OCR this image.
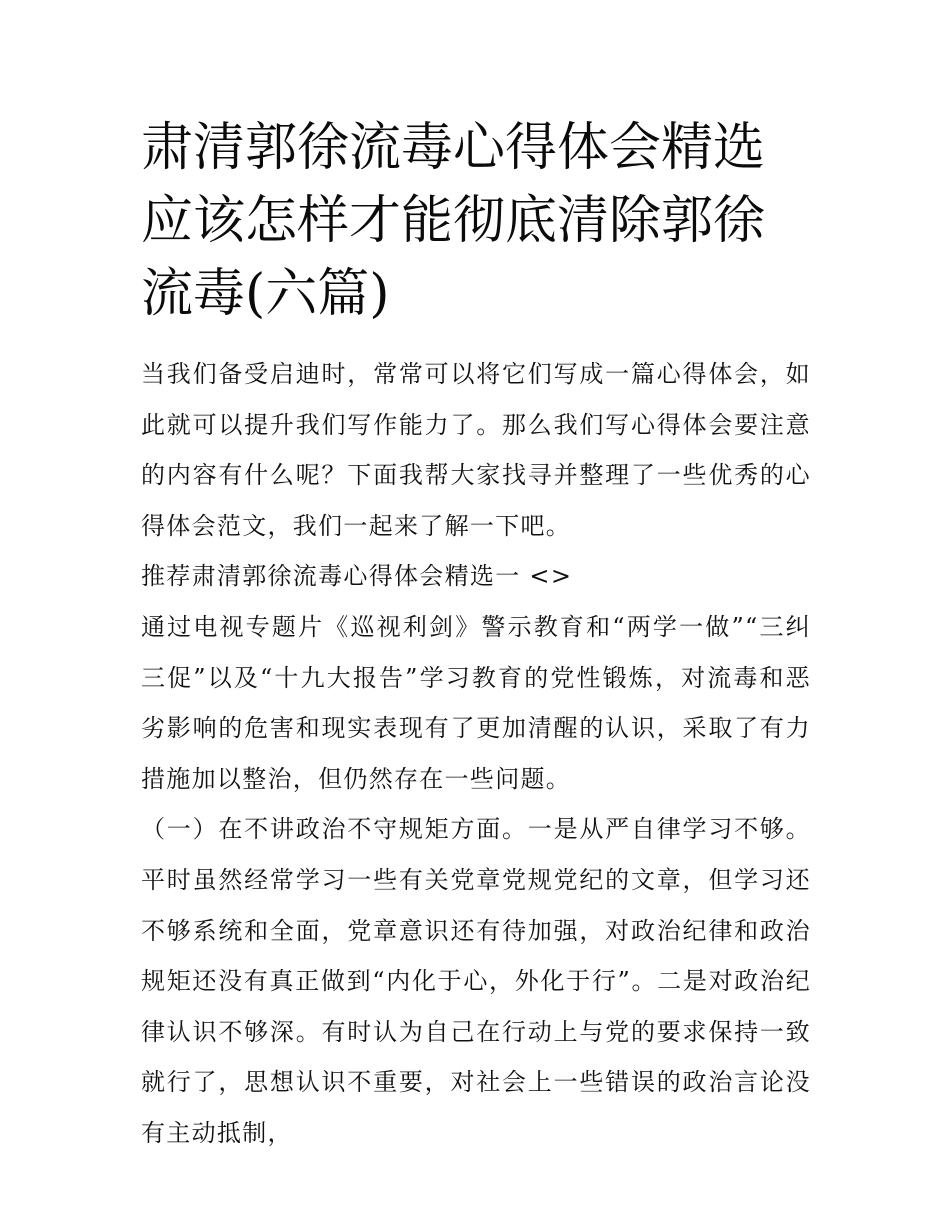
肃清郭徐流毒心得体会精选 应该怎样才能彻底清除郭徐流毒(六篇)

当我们备受启迪时，常常可以将它们写成一篇心得体会，如此就可以提升我们写作能力了。那么我们写心得体会要注意的内容有什么呢？下面我帮大家找寻并整理了一些优秀的心得体会范文，我们一起来了解一下吧。

推荐肃清郭徐流毒心得体会精选一 <>

通过电视专题片《巡视利剑》警示教育和“两学一做”“三纠三促”以及“十九大报告”学习教育的党性锻炼，对流毒和恶劣影响的危害和现实表现有了更加清醒的认识，采取了有力措施加以整治，但仍然存在一些问题。

（一）在不讲政治不守规矩方面。一是从严自律学习不够。平时虽然经常学习一些有关党章党规党纪的文章，但学习还不够系统和全面，党章意识还有待加强，对政治纪律和政治规矩还没有真正做到“内化于心，外化于行”。二是对政治纪律认识不够深。有时认为自己在行动上与党的要求保持一致就行了，思想认识不重要，对社会上一些错误的政治言论没有主动抵制，
